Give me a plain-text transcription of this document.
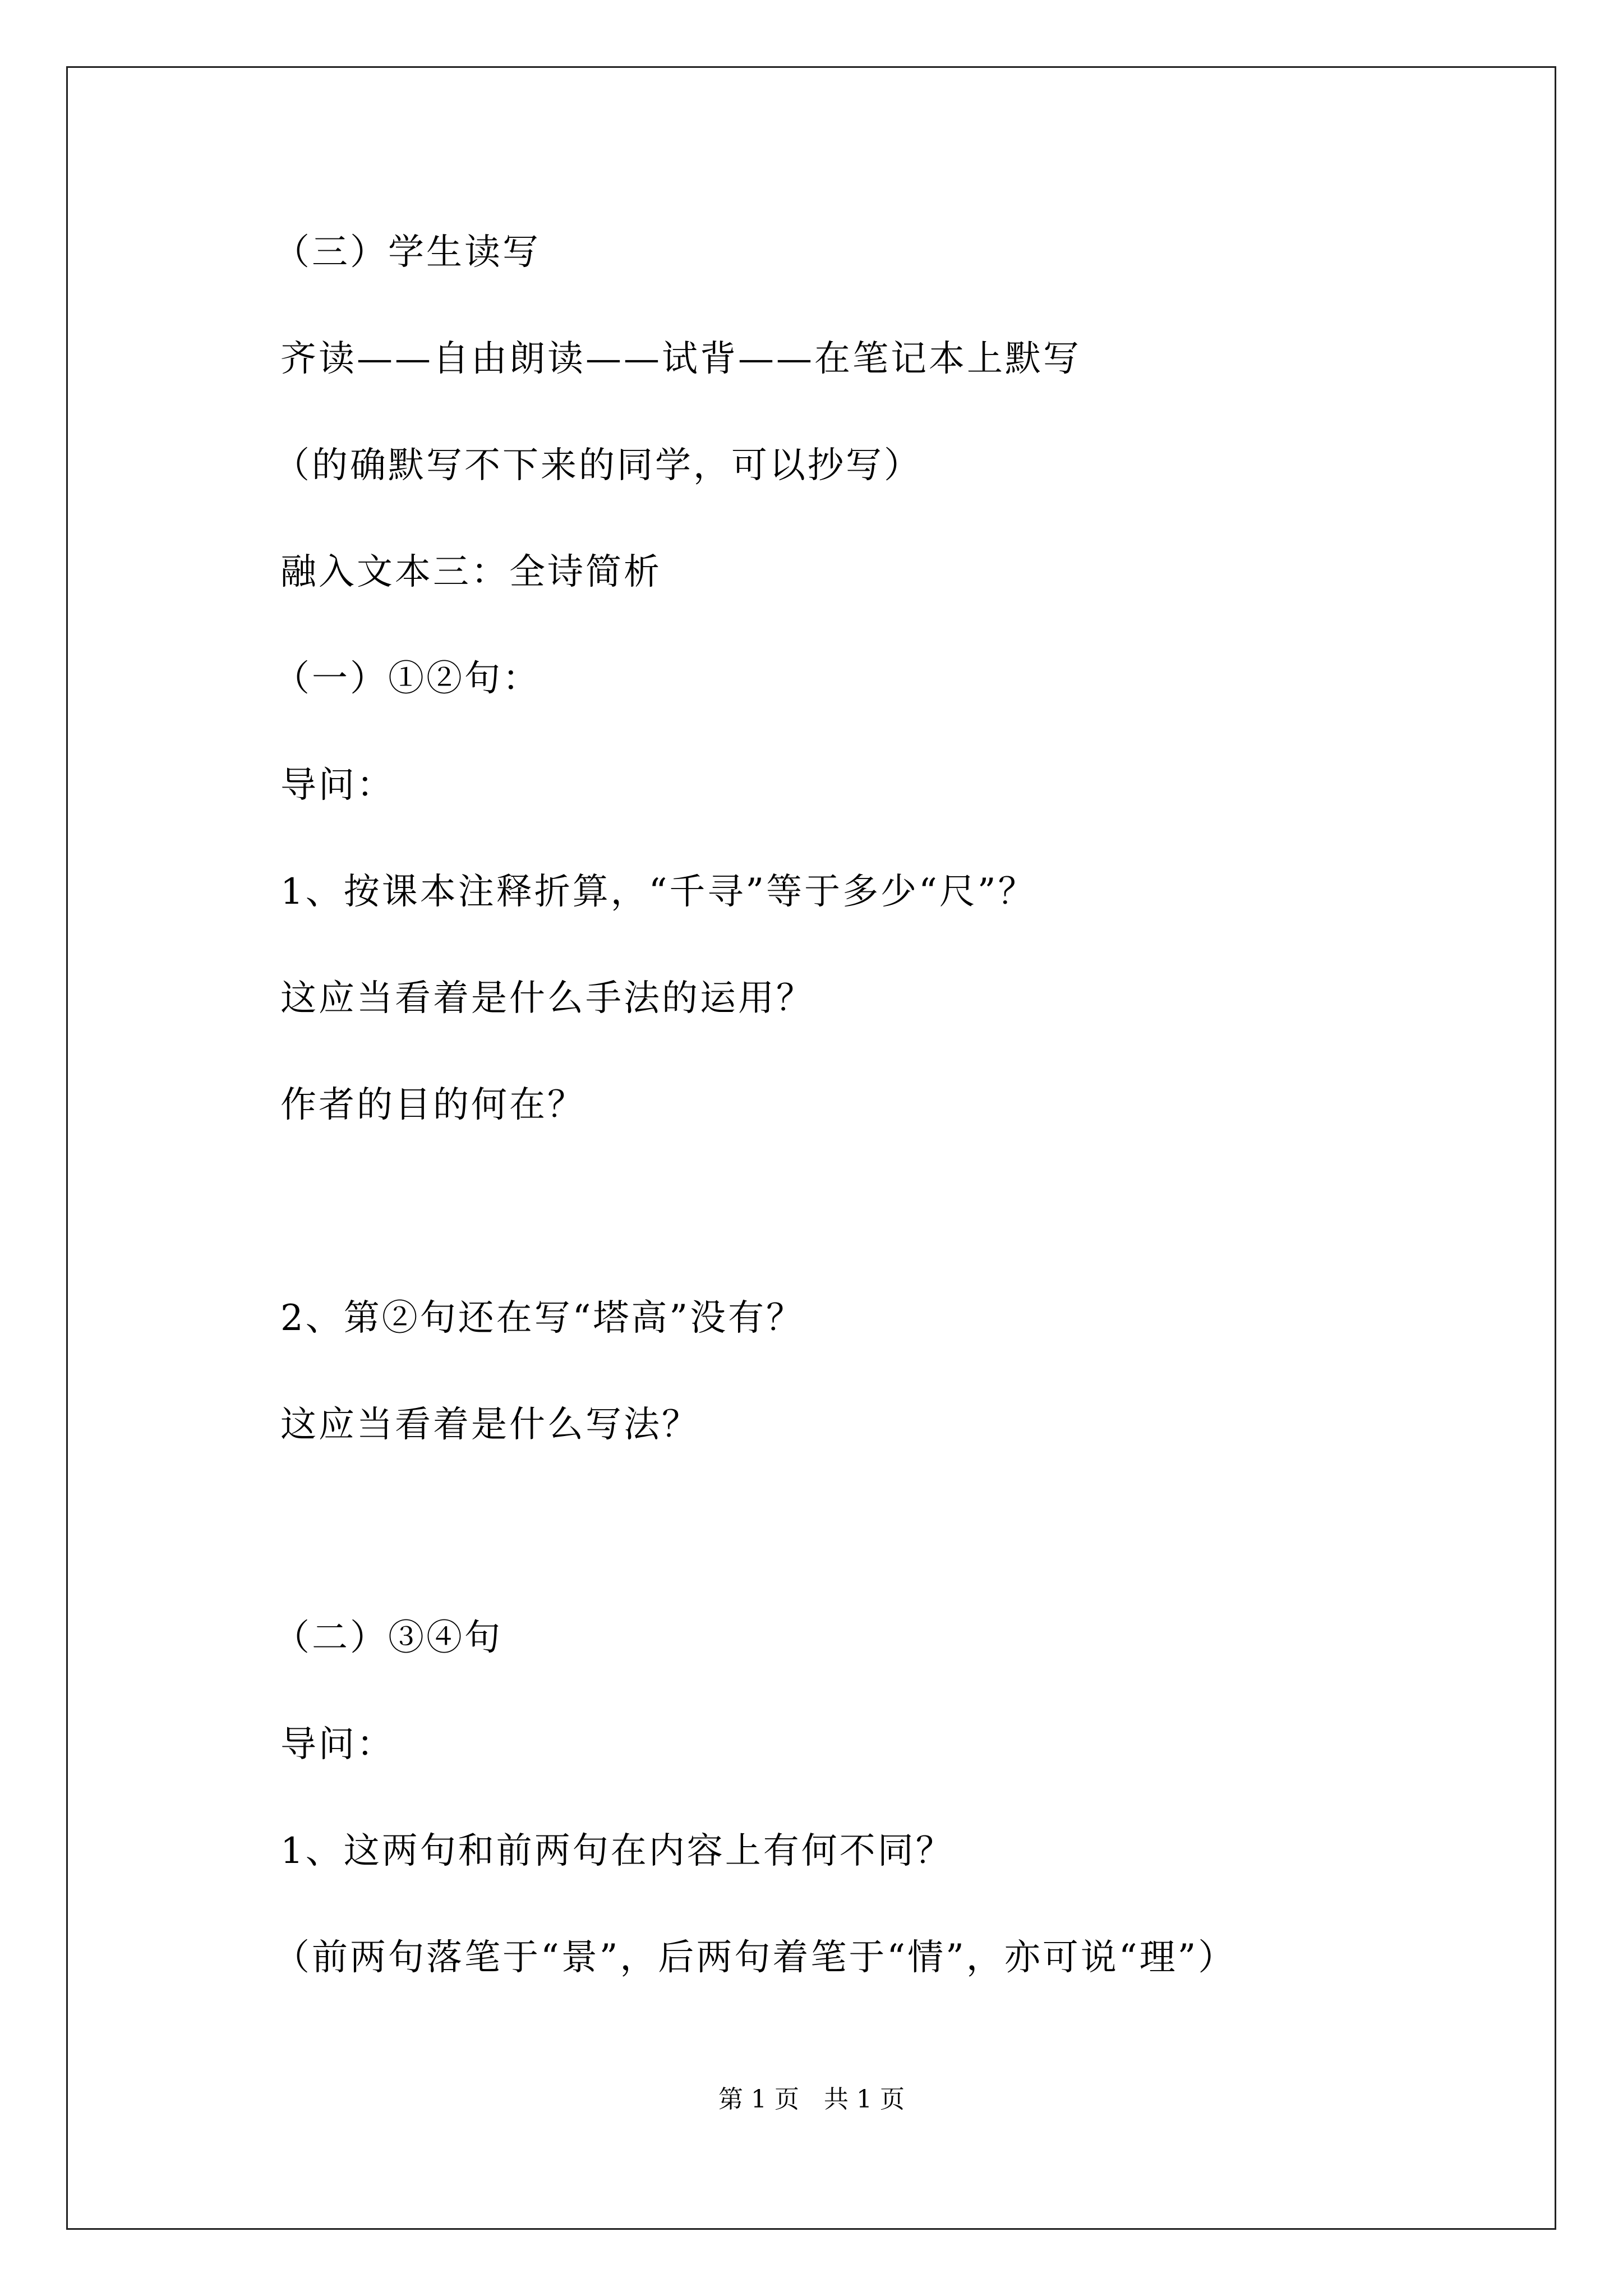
（三）学生读写
齐读——自由朗读——试背——在笔记本上默写
（的确默写不下来的同学，可以抄写）
融入文本三：全诗简析
（一）①②句：
导问：
1、按课本注释折算，“千寻”等于多少“尺”？
这应当看着是什么手法的运用？
作者的目的何在？
2、第②句还在写“塔高”没有？
这应当看着是什么写法？
（二）③④句
导问：
1、这两句和前两句在内容上有何不同？
（前两句落笔于“景”，后两句着笔于“情”，亦可说“理”）
第 1 页　共 1 页
